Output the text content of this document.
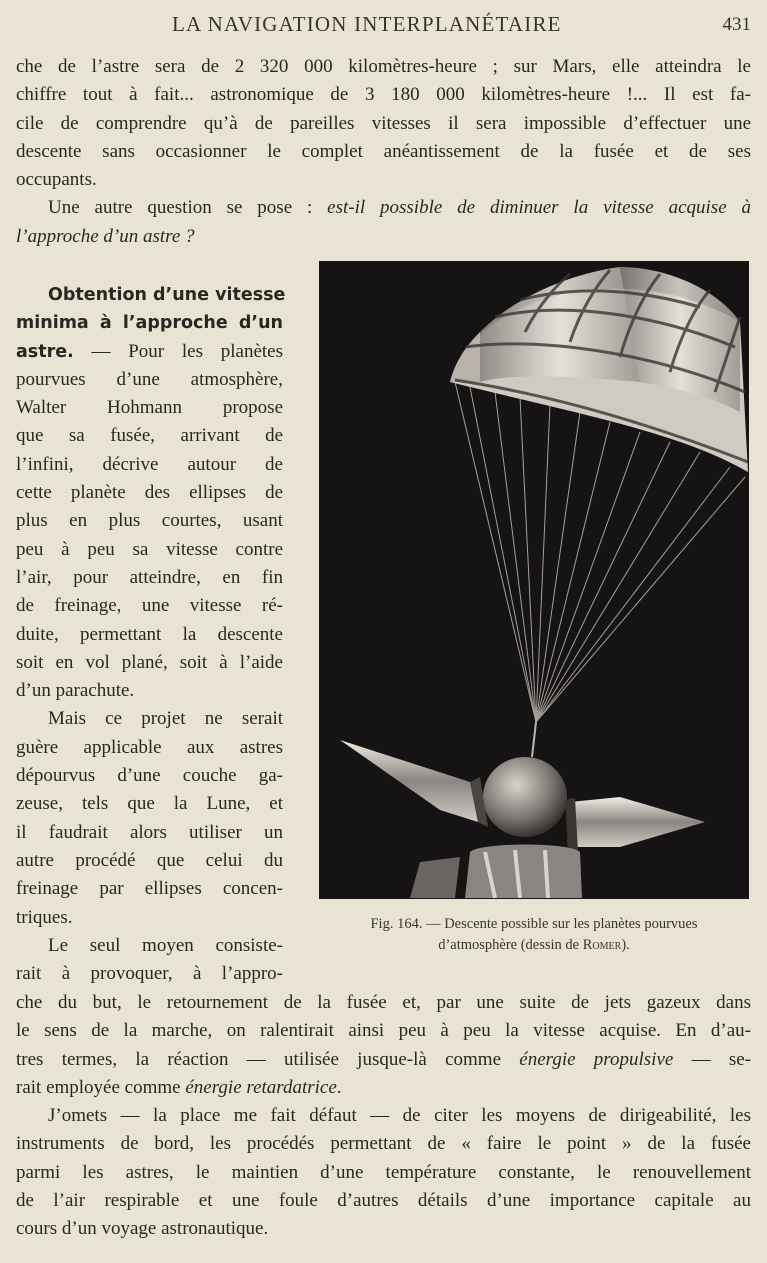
LA NAVIGATION INTERPLANÉTAIRE	431
che de l’astre sera de 2 320 000 kilomètres-heure ; sur Mars, elle atteindra le
chiffre tout à fait... astronomique de 3 180 000 kilomètres-heure !... Il est fa-
cile de comprendre qu’à de pareilles vitesses il sera impossible d’effectuer une
descente sans occasionner le complet anéantissement de la fusée et de ses
occupants.
Une autre question se pose : est-il possible de diminuer la vitesse acquise à
l’approche d’un astre ?
Obtention d’une vitesse
minima à l’approche d’un
astre. — Pour les planètes
pourvues d’une atmosphère,
Walter Hohmann propose
que sa fusée, arrivant de
l’infini, décrive autour de
cette planète des ellipses de
plus en plus courtes, usant
peu à peu sa vitesse contre
l’air, pour atteindre, en fin
de freinage, une vitesse ré-
duite, permettant la descente
soit en vol plané, soit à l’aide
d’un parachute.
Mais ce projet ne serait
guère applicable aux astres
dépourvus d’une couche ga-
zeuse, tels que la Lune, et
il faudrait alors utiliser un
autre procédé que celui du
freinage par ellipses concen-
triques.
Le seul moyen consiste-
rait à provoquer, à l’appro-
Fig. 164. — Descente possible sur les planètes pourvues
d’atmosphère (dessin de Romer).
che du but, le retournement de la fusée et, par une suite de jets gazeux dans
le sens de la marche, on ralentirait ainsi peu à peu la vitesse acquise. En d’au-
tres termes, la réaction — utilisée jusque-là comme énergie propulsive — se-
rait employée comme énergie retardatrice.
J’omets — la place me fait défaut — de citer les moyens de dirigeabilité, les
instruments de bord, les procédés permettant de « faire le point » de la fusée
parmi les astres, le maintien d’une température constante, le renouvellement
de l’air respirable et une foule d’autres détails d’une importance capitale au
cours d’un voyage astronautique.
